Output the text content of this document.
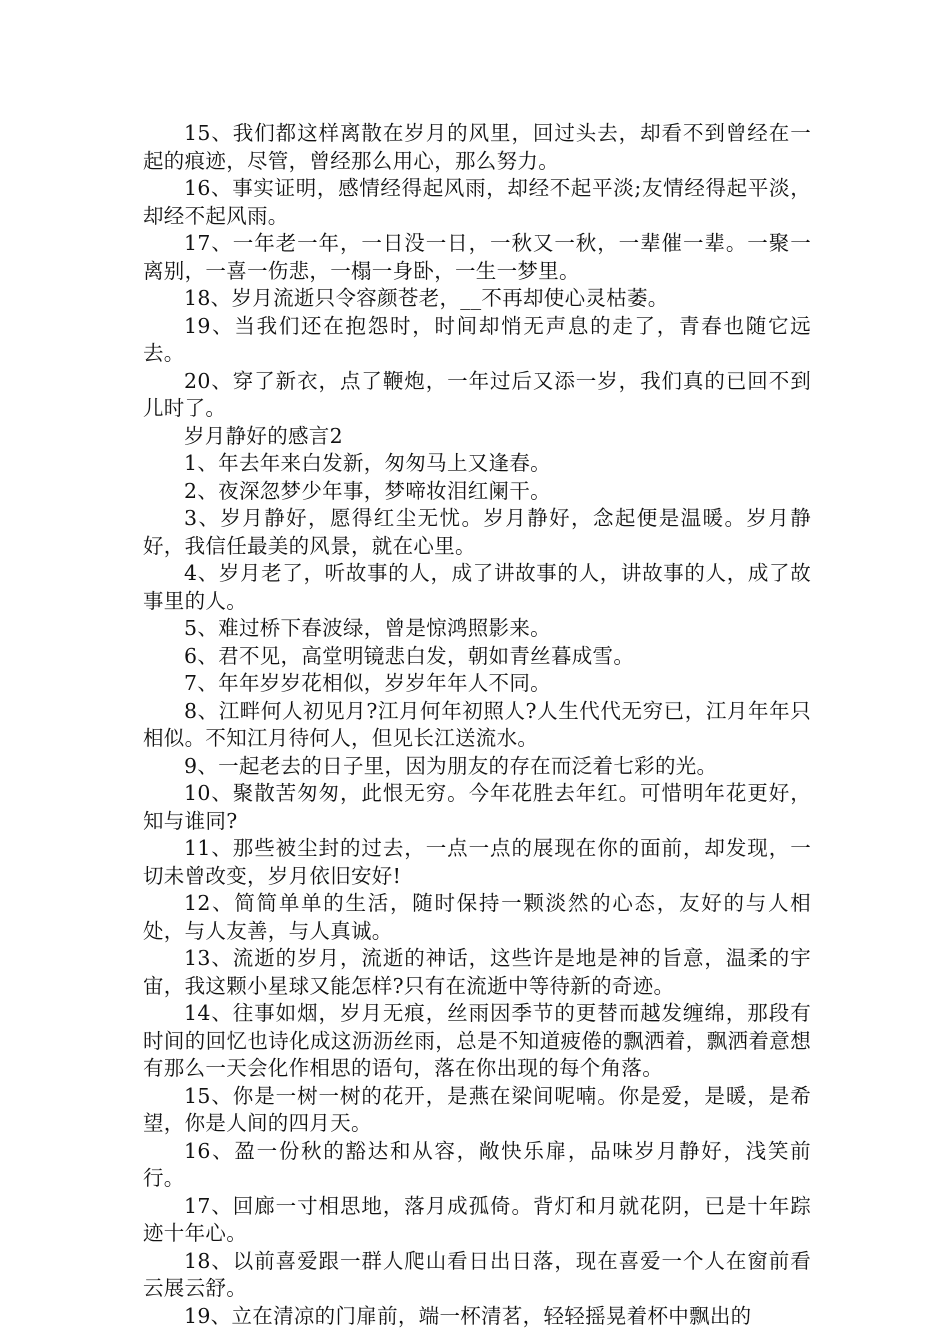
15、我们都这样离散在岁月的风里，回过头去，却看不到曾经在一起的痕迹，尽管，曾经那么用心，那么努力。

16、事实证明，感情经得起风雨，却经不起平淡;友情经得起平淡，却经不起风雨。

17、一年老一年，一日没一日，一秋又一秋，一辈催一辈。一聚一离别，一喜一伤悲，一榻一身卧，一生一梦里。

18、岁月流逝只令容颜苍老，__不再却使心灵枯萎。

19、当我们还在抱怨时，时间却悄无声息的走了，青春也随它远去。

20、穿了新衣，点了鞭炮，一年过后又添一岁，我们真的已回不到儿时了。

岁月静好的感言2

1、年去年来白发新，匆匆马上又逢春。

2、夜深忽梦少年事，梦啼妆泪红阑干。

3、岁月静好，愿得红尘无忧。岁月静好，念起便是温暖。岁月静好，我信任最美的风景，就在心里。

4、岁月老了，听故事的人，成了讲故事的人，讲故事的人，成了故事里的人。

5、难过桥下春波绿，曾是惊鸿照影来。

6、君不见，高堂明镜悲白发，朝如青丝暮成雪。

7、年年岁岁花相似，岁岁年年人不同。

8、江畔何人初见月?江月何年初照人?人生代代无穷已，江月年年只相似。不知江月待何人，但见长江送流水。

9、一起老去的日子里，因为朋友的存在而泛着七彩的光。

10、聚散苦匆匆，此恨无穷。今年花胜去年红。可惜明年花更好，知与谁同?

11、那些被尘封的过去，一点一点的展现在你的面前，却发现，一切未曾改变，岁月依旧安好!

12、简简单单的生活，随时保持一颗淡然的心态，友好的与人相处，与人友善，与人真诚。

13、流逝的岁月，流逝的神话，这些许是地是神的旨意，温柔的宇宙，我这颗小星球又能怎样?只有在流逝中等待新的奇迹。

14、往事如烟，岁月无痕，丝雨因季节的更替而越发缠绵，那段有时间的回忆也诗化成这沥沥丝雨，总是不知道疲倦的飘洒着，飘洒着意想有那么一天会化作相思的语句，落在你出现的每个角落。

15、你是一树一树的花开，是燕在梁间呢喃。你是爱，是暖，是希望，你是人间的四月天。

16、盈一份秋的豁达和从容，敞快乐扉，品味岁月静好，浅笑前行。

17、回廊一寸相思地，落月成孤倚。背灯和月就花阴，已是十年踪迹十年心。

18、以前喜爱跟一群人爬山看日出日落，现在喜爱一个人在窗前看云展云舒。

19、立在清凉的门扉前，端一杯清茗，轻轻摇晃着杯中飘出的
